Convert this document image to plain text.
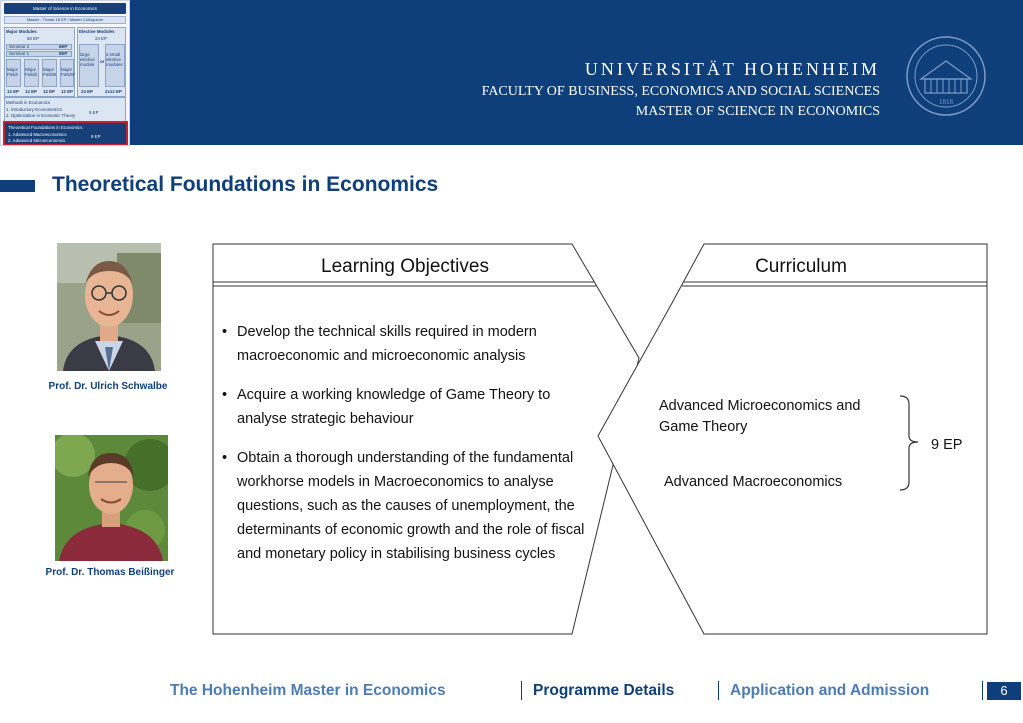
Master of Science in Economics
Master - Thesis 18 EP / Master Colloquium
Major Modules
60 EP
Elective Modules
24 EP
Seminar 2	6EP
Seminar 1	6EP
Major FieldI
Major FieldII
Major FieldIII
Major FieldIV
12 EP 12 EP 12 EP 12 EP
large elective module
24 EP
or
2 small elective modules
2x12 EP
Methods in Economics
1. Introductory Econometrics
2. Optimization in Economic Theory
9 EP
Theoretical Foundations in Economics
1. Advanced Macroeconomics
2. Advanced Microeconomics
9 EP
UNIVERSITÄT HOHENHEIM
FACULTY OF BUSINESS, ECONOMICS AND SOCIAL SCIENCES
MASTER OF SCIENCE IN ECONOMICS
1818
Theoretical Foundations in Economics
Prof. Dr. Ulrich Schwalbe
Prof. Dr. Thomas Beißinger
Learning Objectives	Curriculum
• Develop the technical skills required in modern macroeconomic and microeconomic analysis
• Acquire a working knowledge of Game Theory to analyse strategic behaviour
• Obtain a thorough understanding of the fundamental workhorse models in Macroeconomics to analyse questions, such as the causes of unemployment, the determinants of economic growth and the role of fiscal and monetary policy in stabilising business cycles
Advanced Microeconomics and Game Theory
Advanced Macroeconomics
9 EP
The Hohenheim Master in Economics	Programme Details	Application and Admission	6
